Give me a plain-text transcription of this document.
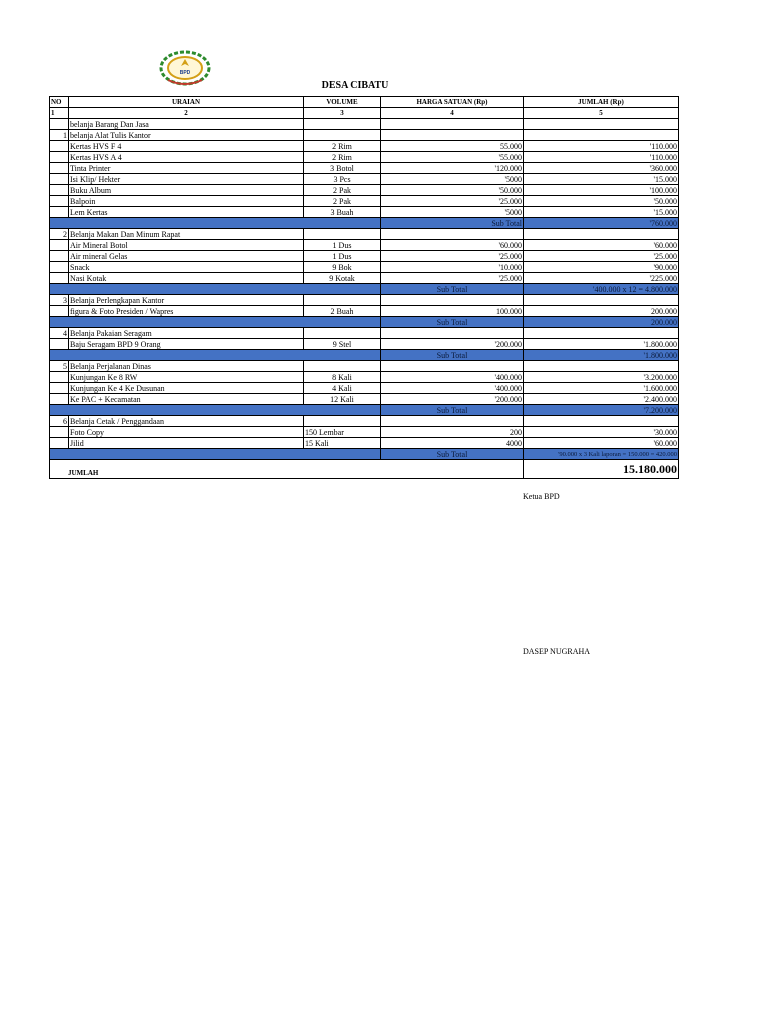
BPD
DESA CIBATU
NO	URAIAN	VOLUME	HARGA SATUAN (Rp)	JUMLAH (Rp)
1	2	3	4	5
	belanja Barang Dan Jasa			
1	belanja Alat Tulis Kantor			
	Kertas HVS F 4	2 Rim	55.000	'110.000
	Kertas HVS A 4	2 Rim	'55.000	'110.000
	Tinta Printer	3 Botol	'120.000	'360.000
	Isi Klip/ Hekter	3 Pcs	'5000	'15.000
	Buku Album	2 Pak	'50.000	'100.000
	Balpoin	2 Pak	'25.000	'50.000
	Lem Kertas	3 Buah	'5000	'15.000
			Sub Total	'760.000
2	Belanja Makan Dan Minum Rapat			
	Air Mineral Botol	1 Dus	'60.000	'60.000
	Air mineral Gelas	1 Dus	'25.000	'25.000
	Snack	9 Bok	'10.000	'90.000
	Nasi Kotak	9 Kotak	'25.000	'225.000
			Sub Total	'400.000 x 12 = 4.800.000
3	Belanja Perlengkapan Kantor			
	figura & Foto Presiden / Wapres	2 Buah	100.000	200.000
			Sub Total	200.000
4	Belanja Pakaian Seragam			
	Baju Seragam BPD 9 Orang	9 Stel	'200.000	'1.800.000
			Sub Total	'1.800.000
5	Belanja Perjalanan Dinas			
	Kunjungan Ke 8 RW	8 Kali	'400.000	'3.200.000
	Kunjungan Ke 4 Ke Dusunan	4 Kali	'400.000	'1.600.000
	Ke PAC + Kecamatan	12 Kali	'200.000	'2.400.000
			Sub Total	'7.200.000
6	Belanja Cetak / Penggandaan			
	Foto Copy	150 Lembar	200	'30.000
	Jilid	15 Kali	4000	'60.000
			Sub Total	'90.000 x 3 Kali laporan = 150.000 = 420.000
JUMLAH				15.180.000
Ketua BPD
DASEP NUGRAHA
